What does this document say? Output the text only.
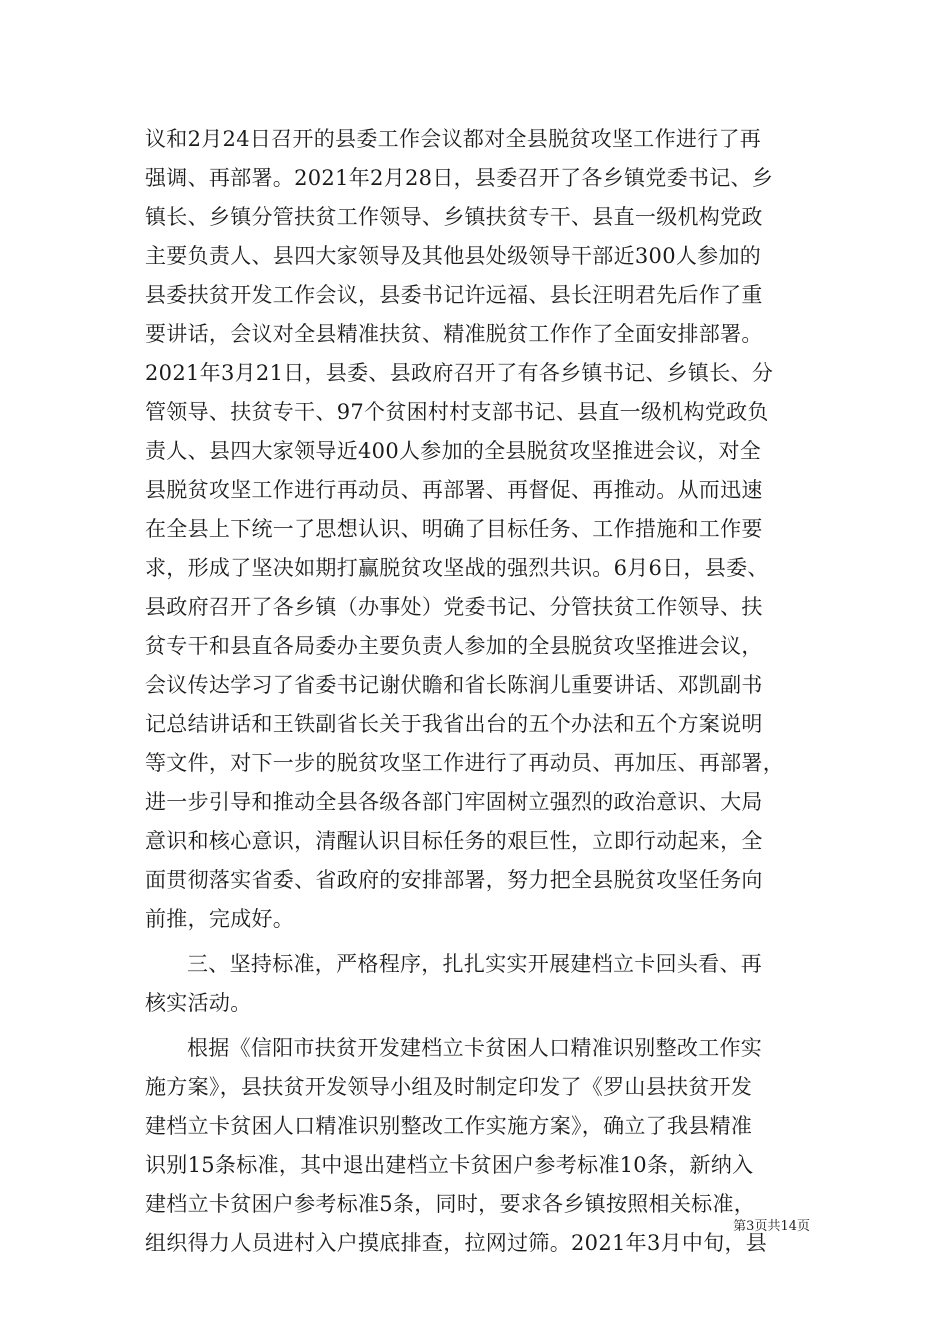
议和2月24日召开的县委工作会议都对全县脱贫攻坚工作进行了再
强调、再部署。2021年2月28日，县委召开了各乡镇党委书记、乡
镇长、乡镇分管扶贫工作领导、乡镇扶贫专干、县直一级机构党政
主要负责人、县四大家领导及其他县处级领导干部近300人参加的
县委扶贫开发工作会议，县委书记许远福、县长汪明君先后作了重
要讲话，会议对全县精准扶贫、精准脱贫工作作了全面安排部署。
2021年3月21日，县委、县政府召开了有各乡镇书记、乡镇长、分
管领导、扶贫专干、97个贫困村村支部书记、县直一级机构党政负
责人、县四大家领导近400人参加的全县脱贫攻坚推进会议，对全
县脱贫攻坚工作进行再动员、再部署、再督促、再推动。从而迅速
在全县上下统一了思想认识、明确了目标任务、工作措施和工作要
求，形成了坚决如期打赢脱贫攻坚战的强烈共识。6月6日，县委、
县政府召开了各乡镇（办事处）党委书记、分管扶贫工作领导、扶
贫专干和县直各局委办主要负责人参加的全县脱贫攻坚推进会议，
会议传达学习了省委书记谢伏瞻和省长陈润儿重要讲话、邓凯副书
记总结讲话和王铁副省长关于我省出台的五个办法和五个方案说明
等文件，对下一步的脱贫攻坚工作进行了再动员、再加压、再部署，
进一步引导和推动全县各级各部门牢固树立强烈的政治意识、大局
意识和核心意识，清醒认识目标任务的艰巨性，立即行动起来，全
面贯彻落实省委、省政府的安排部署，努力把全县脱贫攻坚任务向
前推，完成好。
三、坚持标准，严格程序，扎扎实实开展建档立卡回头看、再
核实活动。
根据《信阳市扶贫开发建档立卡贫困人口精准识别整改工作实
施方案》，县扶贫开发领导小组及时制定印发了《罗山县扶贫开发
建档立卡贫困人口精准识别整改工作实施方案》，确立了我县精准
识别15条标准，其中退出建档立卡贫困户参考标准10条，新纳入
建档立卡贫困户参考标准5条，同时，要求各乡镇按照相关标准，
组织得力人员进村入户摸底排查，拉网过筛。2021年3月中旬，县
第3页共14页
